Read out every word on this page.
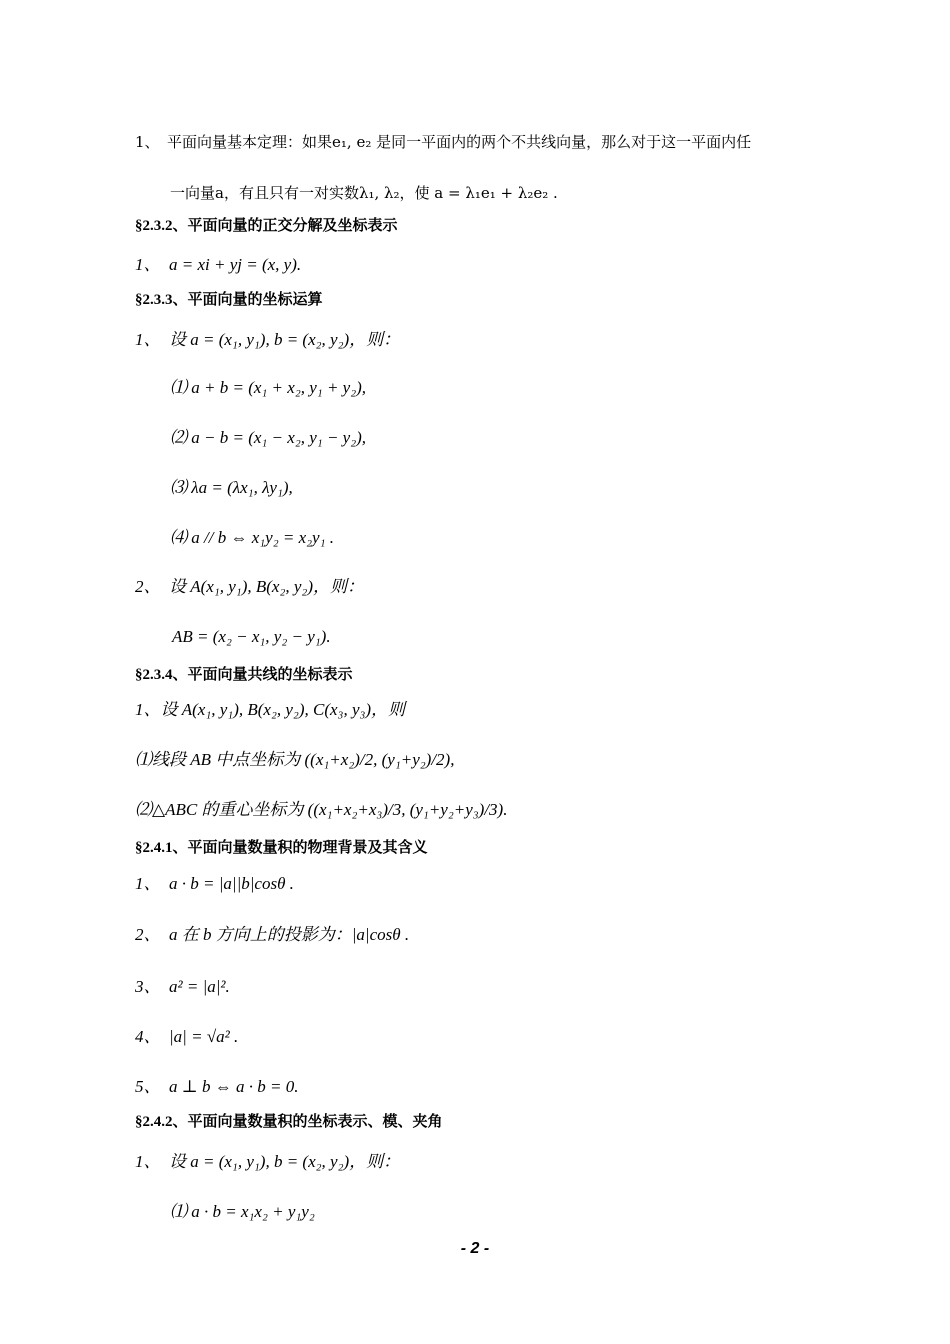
1、　平面向量基本定理：如果e₁, e₂ 是同一平面内的两个不共线向量，那么对于这一平面内任
一向量a，有且只有一对实数λ₁, λ₂，使 a = λ₁e₁ + λ₂e₂ .
§2.3.2、平面向量的正交分解及坐标表示
1、　a = xi + yj = (x, y).
§2.3.3、平面向量的坐标运算
1、　设 a = (x₁, y₁), b = (x₂, y₂)，则：
⑴ a + b = (x₁ + x₂, y₁ + y₂),
⑵ a − b = (x₁ − x₂, y₁ − y₂),
⑶ λa = (λx₁, λy₁),
⑷ a // b ⇔ x₁y₂ = x₂y₁ .
2、　设 A(x₁, y₁), B(x₂, y₂)，则：
AB = (x₂ − x₁, y₂ − y₁).
§2.3.4、平面向量共线的坐标表示
1、设 A(x₁, y₁), B(x₂, y₂), C(x₃, y₃)，则
⑴线段 AB 中点坐标为 ((x₁+x₂)/2, (y₁+y₂)/2),
⑵△ABC 的重心坐标为 ((x₁+x₂+x₃)/3, (y₁+y₂+y₃)/3).
§2.4.1、平面向量数量积的物理背景及其含义
1、　a · b = |a||b|cosθ .
2、　a 在 b 方向上的投影为：|a|cosθ .
3、　a² = |a|².
4、　|a| = √a² .
5、　a ⊥ b ⇔ a · b = 0.
§2.4.2、平面向量数量积的坐标表示、模、夹角
1、　设 a = (x₁, y₁), b = (x₂, y₂)，则：
⑴ a · b = x₁x₂ + y₁y₂
- 2 -
